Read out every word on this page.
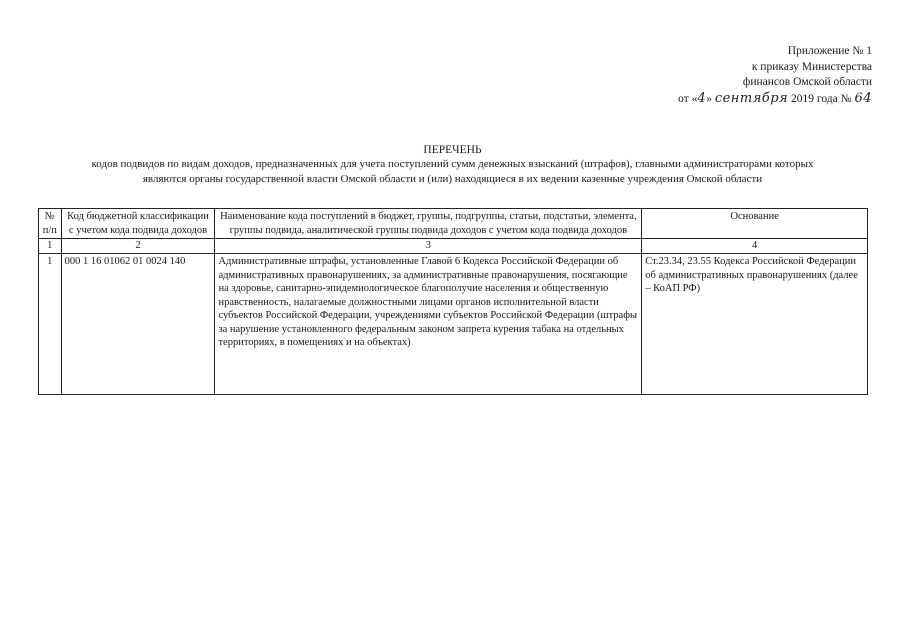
Приложение № 1
к приказу Министерства
финансов Омской области
от «4» сентября 2019 года № 64
ПЕРЕЧЕНЬ
кодов подвидов по видам доходов, предназначенных для учета поступлений сумм денежных взысканий (штрафов), главными администраторами которых
являются органы государственной власти Омской области и (или) находящиеся в их ведении казенные учреждения Омской области
№ п/п	Код бюджетной классификации с учетом кода подвида доходов	Наименование кода поступлений в бюджет, группы, подгруппы, статьи, подстатьи, элемента, группы подвида, аналитической группы подвида доходов с учетом кода подвида доходов	Основание
1	2	3	4
1	000 1 16 01062 01 0024 140	Административные штрафы, установленные Главой 6 Кодекса Российской Федерации об административных правонарушениях, за административные правонарушения, посягающие на здоровье, санитарно-эпидемиологическое благополучие населения и общественную нравственность, налагаемые должностными лицами органов исполнительной власти субъектов Российской Федерации, учреждениями субъектов Российской Федерации (штрафы за нарушение установленного федеральным законом запрета курения табака на отдельных территориях, в помещениях и на объектах)	Ст.23.34, 23.55 Кодекса Российской Федерации об административных правонарушениях (далее – КоАП РФ)
